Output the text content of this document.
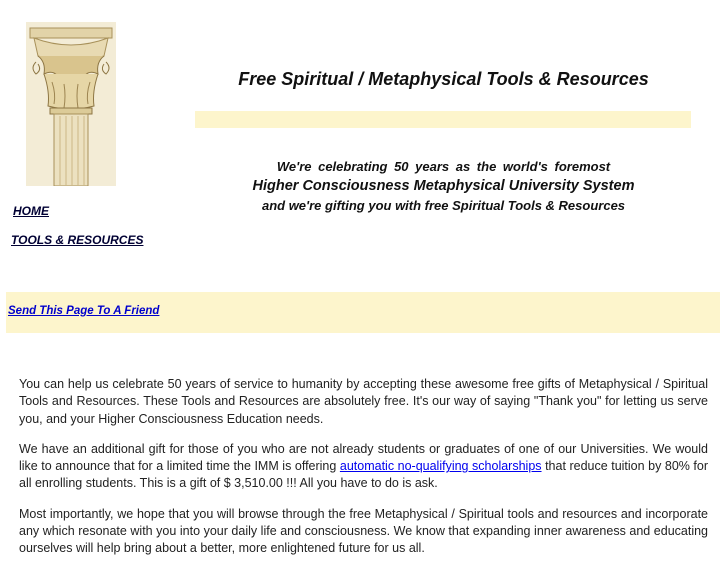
Free Spiritual / Metaphysical Tools & Resources
We're celebrating 50 years as the world's foremost
Higher Consciousness Metaphysical University System
and we're gifting you with free Spiritual Tools & Resources
HOME
TOOLS & RESOURCES
Send This Page To A Friend

You can help us celebrate 50 years of service to humanity by accepting these awesome free gifts of Metaphysical / Spiritual Tools and Resources. These Tools and Resources are absolutely free. It's our way of saying "Thank you" for letting us serve you, and your Higher Consciousness Education needs.

We have an additional gift for those of you who are not already students or graduates of one of our Universities. We would like to announce that for a limited time the IMM is offering automatic no-qualifying scholarships that reduce tuition by 80% for all enrolling students. This is a gift of $ 3,510.00 !!! All you have to do is ask.

Most importantly, we hope that you will browse through the free Metaphysical / Spiritual tools and resources and incorporate any which resonate with you into your daily life and consciousness. We know that expanding inner awareness and educating ourselves will help bring about a better, more enlightened future for us all.
